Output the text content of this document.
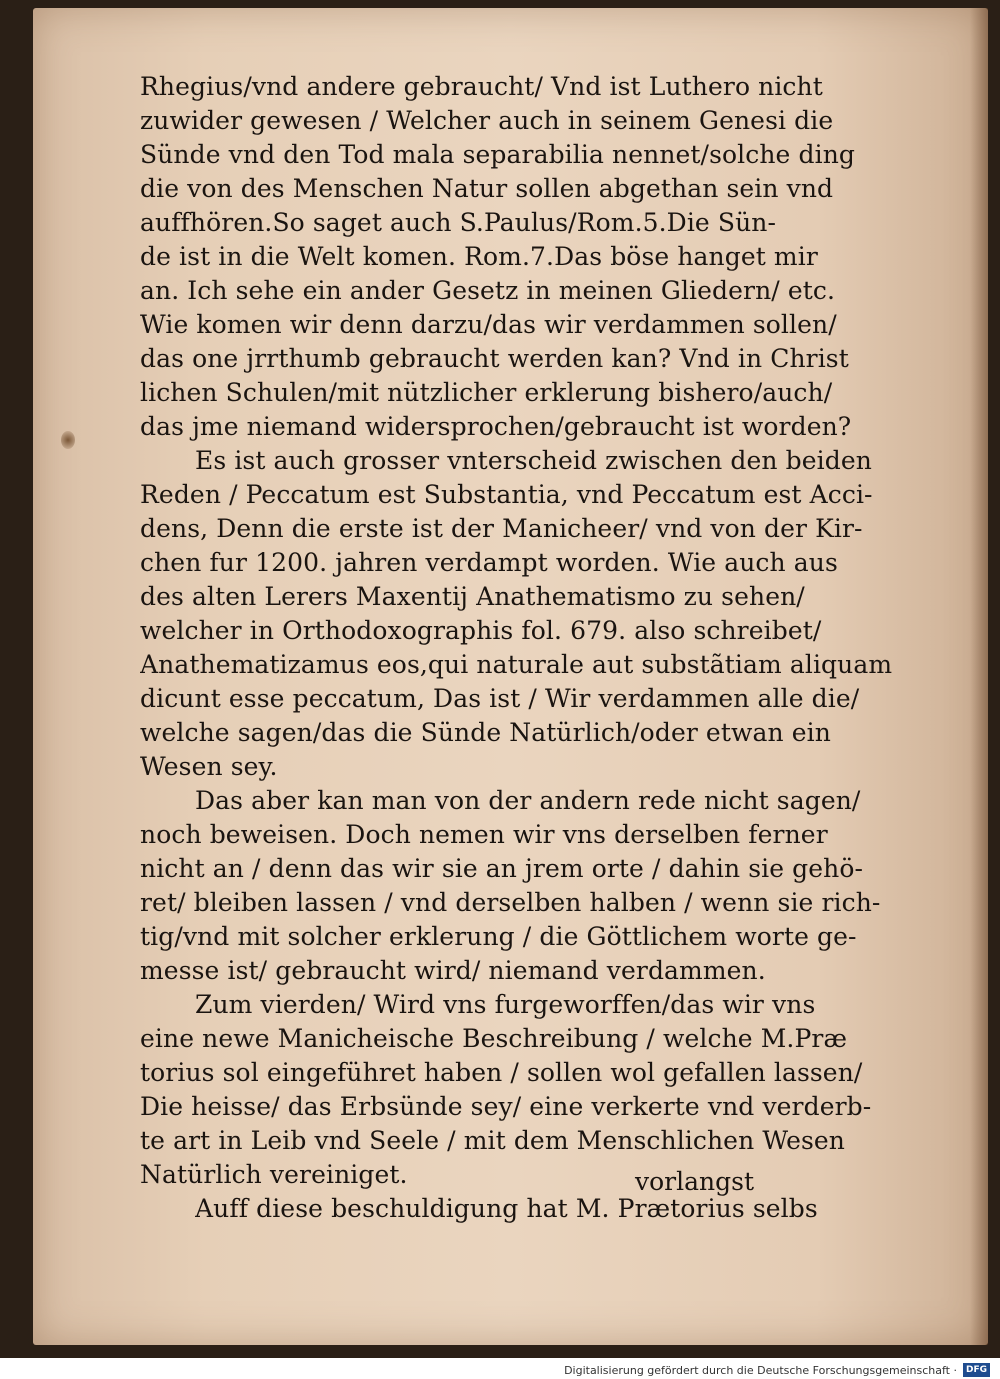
Rhegius/vnd andere gebraucht/ Vnd ist Luthero nicht
zuwider gewesen / Welcher auch in seinem Genesi die
Sünde vnd den Tod mala separabilia nennet/solche ding
die von des Menschen Natur sollen abgethan sein vnd
auffhören.So saget auch S.Paulus/Rom.5.Die Sün-
de ist in die Welt komen. Rom.7.Das böse hanget mir
an. Ich sehe ein ander Gesetz in meinen Gliedern/ etc.
Wie komen wir denn darzu/das wir verdammen sollen/
das one jrrthumb gebraucht werden kan? Vnd in Christ
lichen Schulen/mit nützlicher erklerung bishero/auch/
das jme niemand widersprochen/gebraucht ist worden?
Es ist auch grosser vnterscheid zwischen den beiden
Reden / Peccatum est Substantia, vnd Peccatum est Acci-
dens, Denn die erste ist der Manicheer/ vnd von der Kir-
chen fur 1200. jahren verdampt worden. Wie auch aus
des alten Lerers Maxentij Anathematismo zu sehen/
welcher in Orthodoxographis fol. 679. also schreibet/
Anathematizamus eos,qui naturale aut substãtiam aliquam
dicunt esse peccatum, Das ist / Wir verdammen alle die/
welche sagen/das die Sünde Natürlich/oder etwan ein
Wesen sey.
Das aber kan man von der andern rede nicht sagen/
noch beweisen. Doch nemen wir vns derselben ferner
nicht an / denn das wir sie an jrem orte / dahin sie gehö-
ret/ bleiben lassen / vnd derselben halben / wenn sie rich-
tig/vnd mit solcher erklerung / die Göttlichem worte ge-
messe ist/ gebraucht wird/ niemand verdammen.
Zum vierden/ Wird vns furgeworffen/das wir vns
eine newe Manicheische Beschreibung / welche M.Præ
torius sol eingeführet haben / sollen wol gefallen lassen/
Die heisse/ das Erbsünde sey/ eine verkerte vnd verderb-
te art in Leib vnd Seele / mit dem Menschlichen Wesen
Natürlich vereiniget.
Auff diese beschuldigung hat M. Prætorius selbs
vorlangst
Digitalisierung gefördert durch die Deutsche Forschungsgemeinschaft ·	DFG
